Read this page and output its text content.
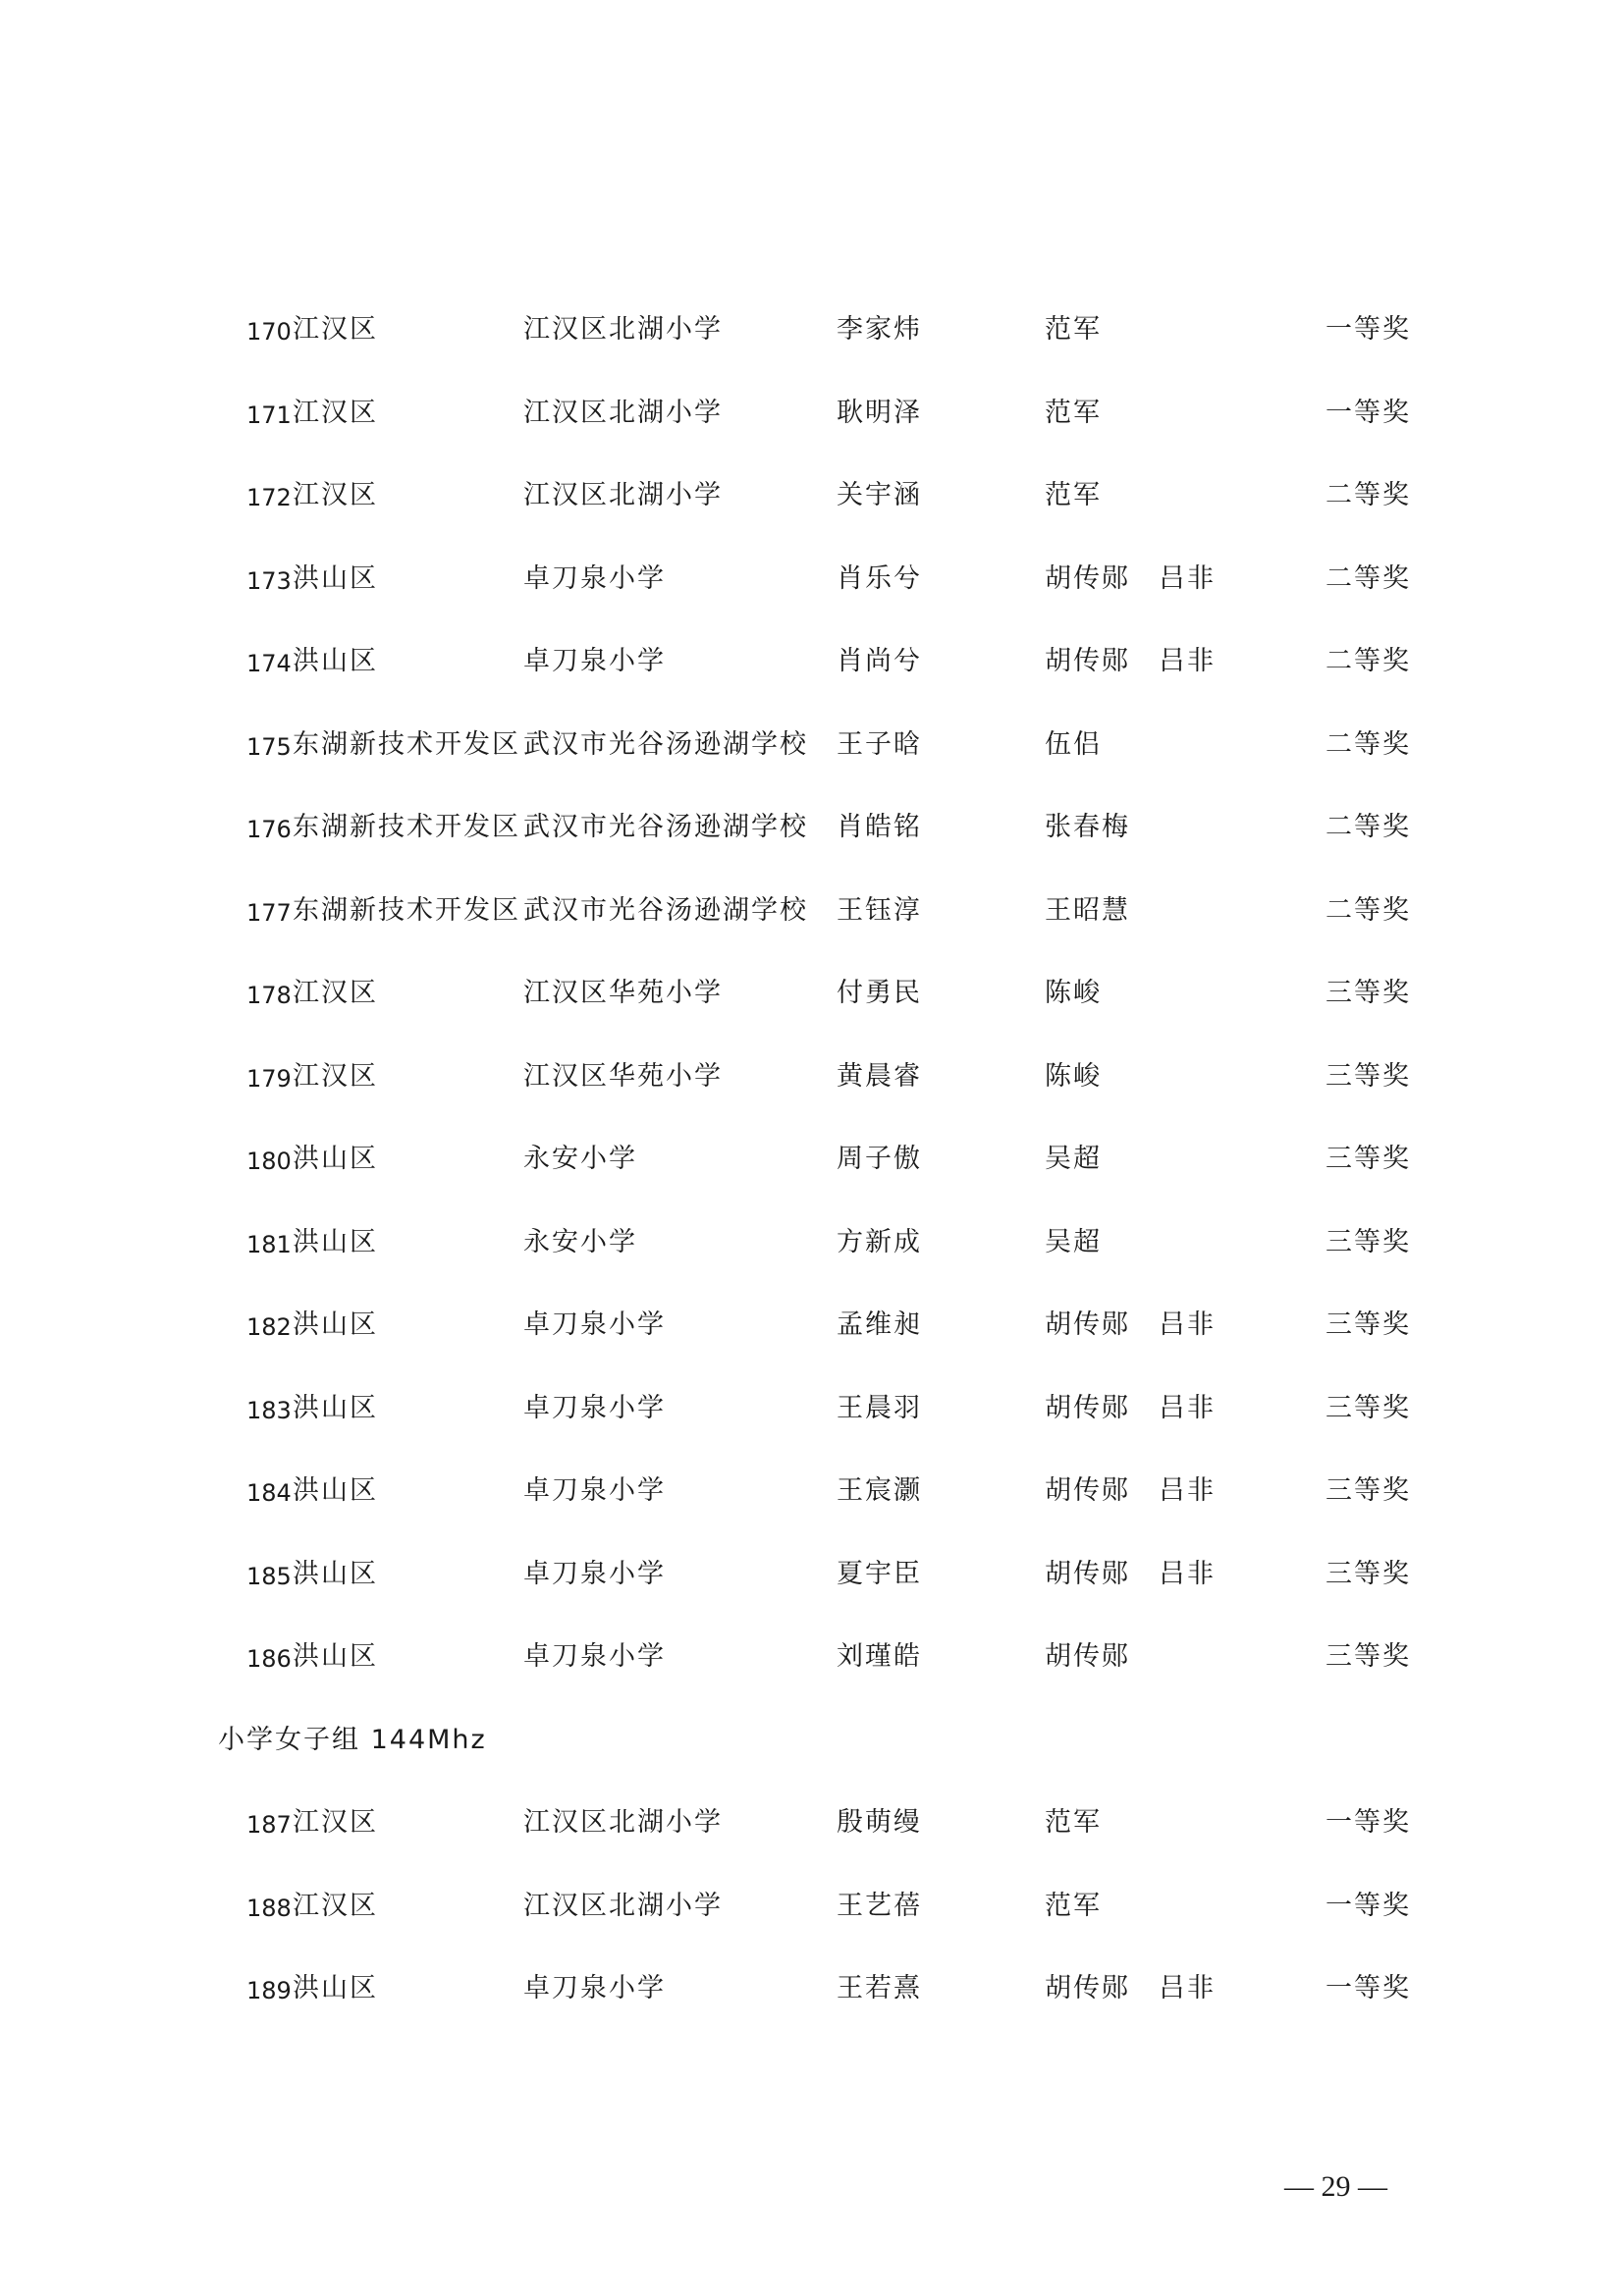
170 江汉区	江汉区北湖小学	李家炜	范军	一等奖
171 江汉区	江汉区北湖小学	耿明泽	范军	一等奖
172 江汉区	江汉区北湖小学	关宇涵	范军	二等奖
173 洪山区	卓刀泉小学	肖乐兮	胡传郧　吕非	二等奖
174 洪山区	卓刀泉小学	肖尚兮	胡传郧　吕非	二等奖
175 东湖新技术开发区 武汉市光谷汤逊湖学校 王子晗	伍侣	二等奖
176 东湖新技术开发区 武汉市光谷汤逊湖学校 肖皓铭	张春梅	二等奖
177 东湖新技术开发区 武汉市光谷汤逊湖学校 王钰淳	王昭慧	二等奖
178 江汉区	江汉区华苑小学	付勇民	陈峻	三等奖
179 江汉区	江汉区华苑小学	黄晨睿	陈峻	三等奖
180 洪山区	永安小学	周子傲	吴超	三等奖
181 洪山区	永安小学	方新成	吴超	三等奖
182 洪山区	卓刀泉小学	孟维昶	胡传郧　吕非	三等奖
183 洪山区	卓刀泉小学	王晨羽	胡传郧　吕非	三等奖
184 洪山区	卓刀泉小学	王宸灏	胡传郧　吕非	三等奖
185 洪山区	卓刀泉小学	夏宇臣	胡传郧　吕非	三等奖
186 洪山区	卓刀泉小学	刘瑾皓	胡传郧	三等奖
小学女子组 144Mhz
187 江汉区	江汉区北湖小学	殷萌缦	范军	一等奖
188 江汉区	江汉区北湖小学	王艺蓓	范军	一等奖
189 洪山区	卓刀泉小学	王若熹	胡传郧　吕非	一等奖
— 29 —
